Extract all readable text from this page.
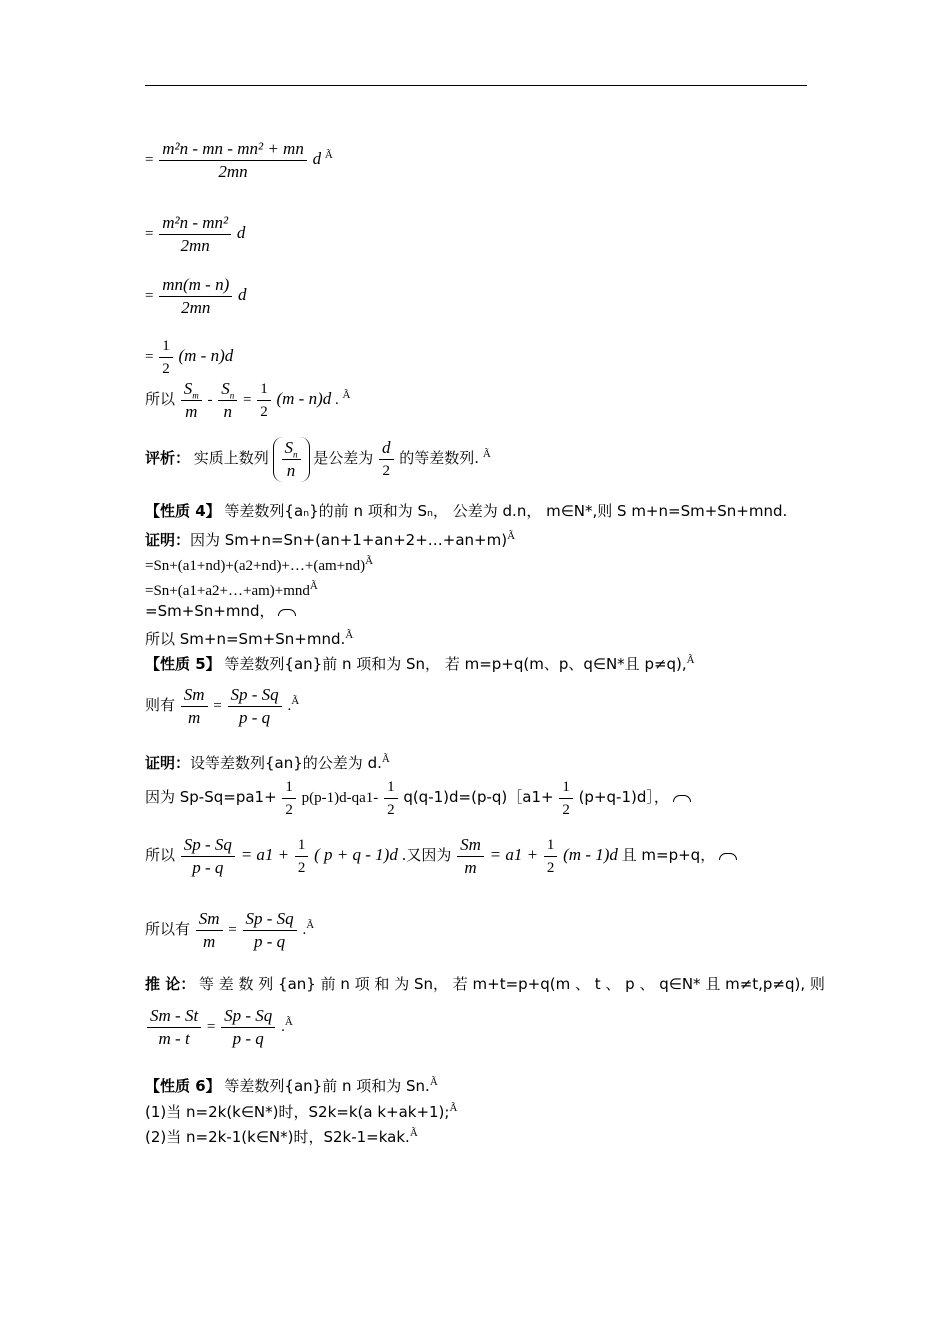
= $\frac{\text{m²n - mn - mn² + mn}}{2mn}$ d $^Ã$
= $\frac{\text{m²n - mn²}}{2mn}$ d
= $\frac{mn(m - n)}{2mn}$ d
= $\frac{1}{2} (m - n)d$
所以 $\frac{S_m}{m} - \frac{S_n}{n} = \frac{1}{2} (m - n)d$ . $^Ã$
评析： 实质上数列 $\frac{S_n}{n}$ 是公差为 $\frac{d}{2}$ 的等差数列. $^Ã$
【性质 4】 等差数列{aₙ}的前 n 项和为 Sₙ， 公差为 d.n， m∈N*,则 S m+n=Sm+Sn+mnd.
证明：因为 Sm+n=Sn+(an+1+an+2+…+an+m)$^Ã$
$=Sn+(a1+nd)+(a2+nd)+\dots+(am+nd)^Ã$
=Sn+(a1+a2+…+am)+mnd$^Ã$
=Sm+Sn+mnd，
所以 Sm+n=Sm+Sn+mnd.$^Ã$
【性质 5】 等差数列{an}前 n 项和为 Sn， 若 m=p+q(m、p、q∈N*且 p≠q),$^Ã$
则有 $\frac{Sm}{m} = \frac{Sp - Sq}{p - q} .^Ã$
证明：设等差数列{an}的公差为 d.$^Ã$
因为 $Sp-Sq=pa1+ \frac{1}{2} p(p-1)d-qa1- \frac{1}{2}$ q(q-1)d=(p-q)［a1+ $\frac{1}{2}$ (p+q-1)d］，
所以 $\frac{Sp - Sq}{p - q} = a1 + \frac{1}{2}$ ( p + q - 1)d .又因为 $\frac{Sm}{m} = a1 + \frac{1}{2} (m - 1)d$ 且 m=p+q，
所以有 $\frac{Sm}{m} = \frac{Sp - Sq}{p - q} .^Ã$
推 论： 等 差 数 列 {an} 前 n 项 和 为 Sn， 若 m+t=p+q(m 、 t 、 p 、 q∈N* 且 m≠t,p≠q), 则
$\frac{Sm - St}{m - t} = \frac{Sp - Sq}{p - q} .^Ã$
【性质 6】 等差数列{an}前 n 项和为 Sn.$^Ã$
(1)当 n=2k(k∈N*)时，S2k=k(a k+ak+1);$^Ã$
(2)当 n=2k-1(k∈N*)时，S2k-1=kak.$^Ã$
